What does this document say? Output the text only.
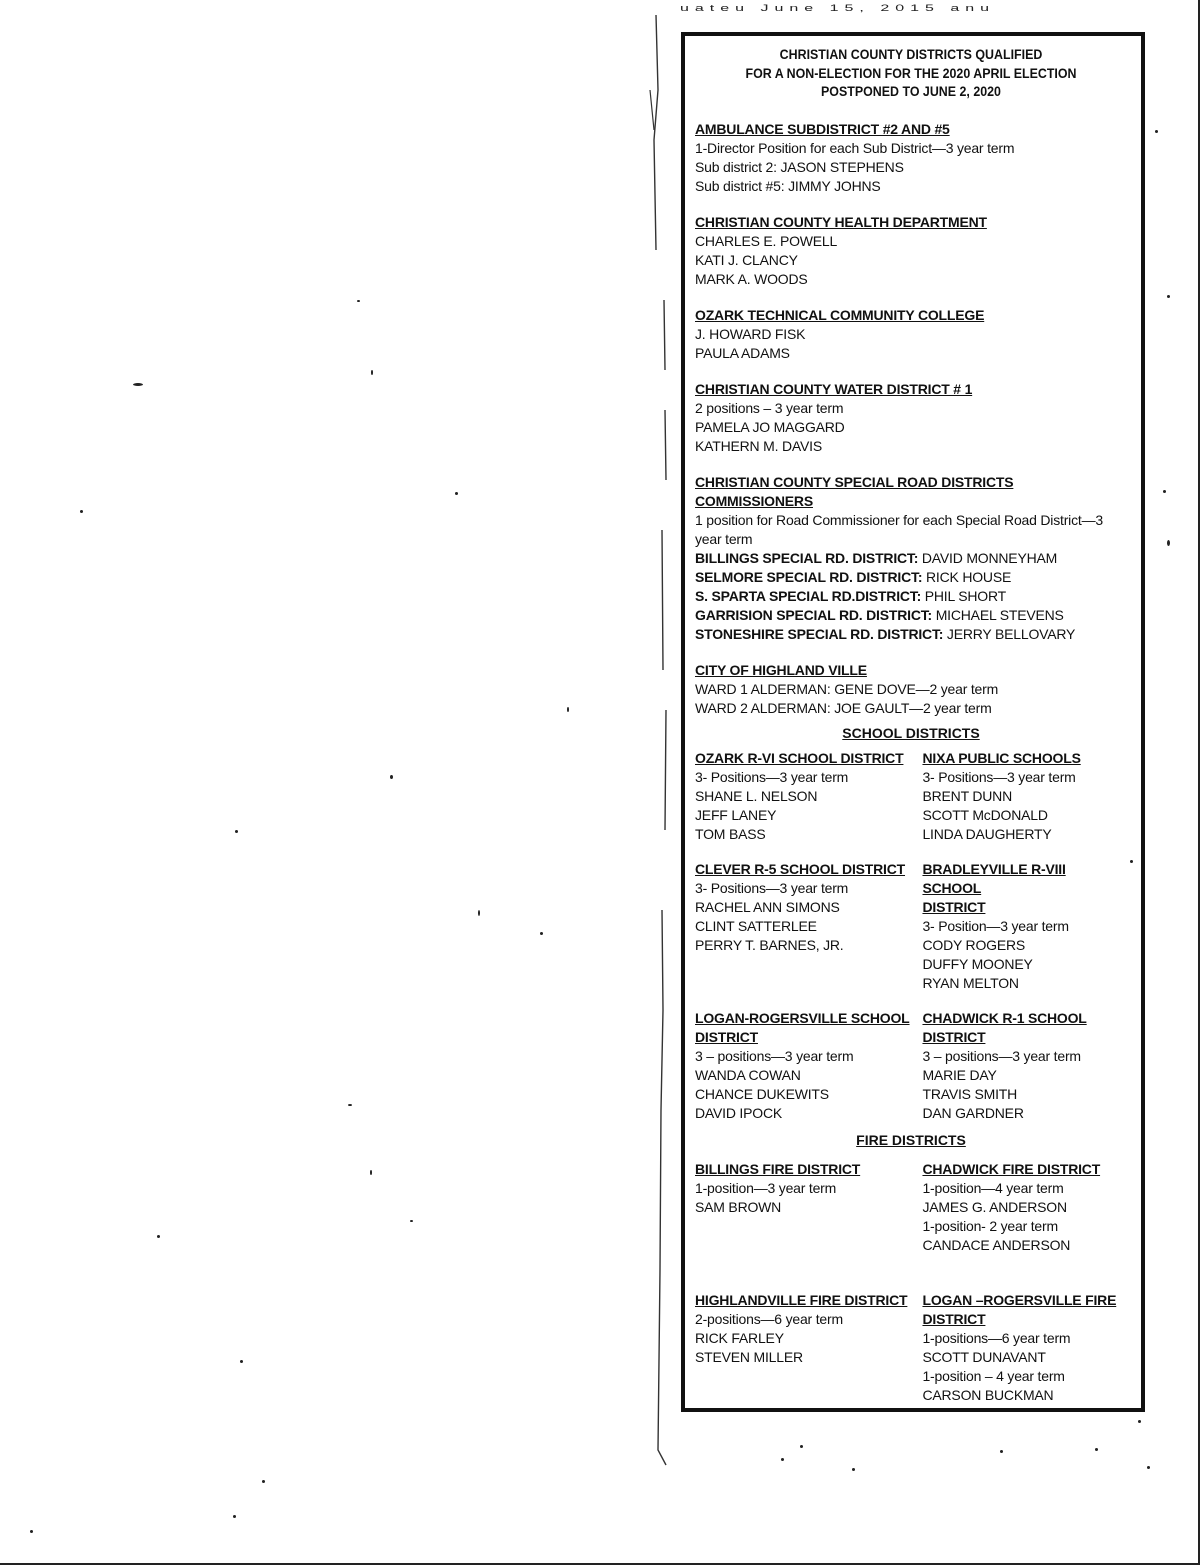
uateu June 15, 2015 anu
CHRISTIAN COUNTY DISTRICTS QUALIFIED
FOR A NON-ELECTION FOR THE 2020 APRIL ELECTION
POSTPONED TO JUNE 2, 2020
AMBULANCE SUBDISTRICT #2 AND #5
1-Director Position for each Sub District—3 year term
Sub district 2: JASON STEPHENS
Sub district #5: JIMMY JOHNS
CHRISTIAN COUNTY HEALTH DEPARTMENT
CHARLES E. POWELL
KATI J. CLANCY
MARK A. WOODS
OZARK TECHNICAL COMMUNITY COLLEGE
J. HOWARD FISK
PAULA ADAMS
CHRISTIAN COUNTY WATER DISTRICT # 1
2 positions – 3 year term
PAMELA JO MAGGARD
KATHERN M. DAVIS
CHRISTIAN COUNTY SPECIAL ROAD DISTRICTS COMMISSIONERS
1 position for Road Commissioner for each Special Road District—3
year term
BILLINGS SPECIAL RD. DISTRICT: DAVID MONNEYHAM
SELMORE SPECIAL RD. DISTRICT: RICK HOUSE
S. SPARTA SPECIAL RD.DISTRICT: PHIL SHORT
GARRISION SPECIAL RD. DISTRICT: MICHAEL STEVENS
STONESHIRE SPECIAL RD. DISTRICT: JERRY BELLOVARY
CITY OF HIGHLAND VILLE
WARD 1 ALDERMAN: GENE DOVE—2 year term
WARD 2 ALDERMAN: JOE GAULT—2 year term
SCHOOL DISTRICTS
OZARK R-VI SCHOOL DISTRICT
3- Positions—3 year term
SHANE L. NELSON
JEFF LANEY
TOM BASS
NIXA PUBLIC SCHOOLS
3- Positions—3 year term
BRENT DUNN
SCOTT McDONALD
LINDA DAUGHERTY
CLEVER R-5 SCHOOL DISTRICT
3- Positions—3 year term
RACHEL ANN SIMONS
CLINT SATTERLEE
PERRY T. BARNES, JR.
BRADLEYVILLE R-VIII SCHOOL
DISTRICT
3- Position—3 year term
CODY ROGERS
DUFFY MOONEY
RYAN MELTON
LOGAN-ROGERSVILLE SCHOOL
DISTRICT
3 – positions—3 year term
WANDA COWAN
CHANCE DUKEWITS
DAVID IPOCK
CHADWICK R-1 SCHOOL
DISTRICT
3 – positions—3 year term
MARIE DAY
TRAVIS SMITH
DAN GARDNER
FIRE DISTRICTS
BILLINGS FIRE DISTRICT
1-position—3 year term
SAM BROWN
CHADWICK FIRE DISTRICT
1-position—4 year term
JAMES G. ANDERSON
1-position- 2 year term
CANDACE ANDERSON
HIGHLANDVILLE FIRE DISTRICT
2-positions—6 year term
RICK FARLEY
STEVEN MILLER
LOGAN –ROGERSVILLE FIRE
DISTRICT
1-positions—6 year term
SCOTT DUNAVANT
1-position – 4 year term
CARSON BUCKMAN
